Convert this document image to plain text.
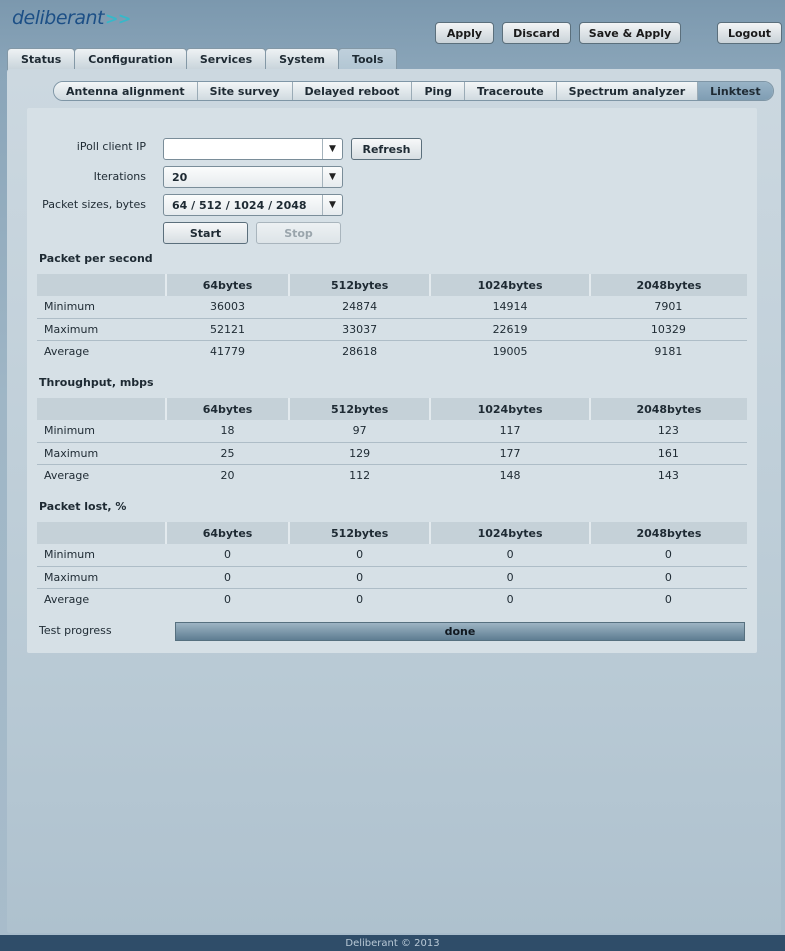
deliberant>>
Apply	Discard	Save & Apply	Logout
Status	Configuration	Services	System	Tools
Antenna alignment	Site survey	Delayed reboot	Ping	Traceroute	Spectrum analyzer	Linktest
iPoll client IP	▼	Refresh
Iterations 20	▼
Packet sizes, bytes 64 / 512 / 1024 / 2048	▼
Start	Stop
Packet per second
	64bytes	512bytes	1024bytes	2048bytes
Minimum	36003	24874	14914	7901
Maximum	52121	33037	22619	10329
Average	41779	28618	19005	9181
Throughput, mbps
	64bytes	512bytes	1024bytes	2048bytes
Minimum	18	97	117	123
Maximum	25	129	177	161
Average	20	112	148	143
Packet lost, %
	64bytes	512bytes	1024bytes	2048bytes
Minimum	0	0	0	0
Maximum	0	0	0	0
Average	0	0	0	0
Test progress	done
Deliberant © 2013
